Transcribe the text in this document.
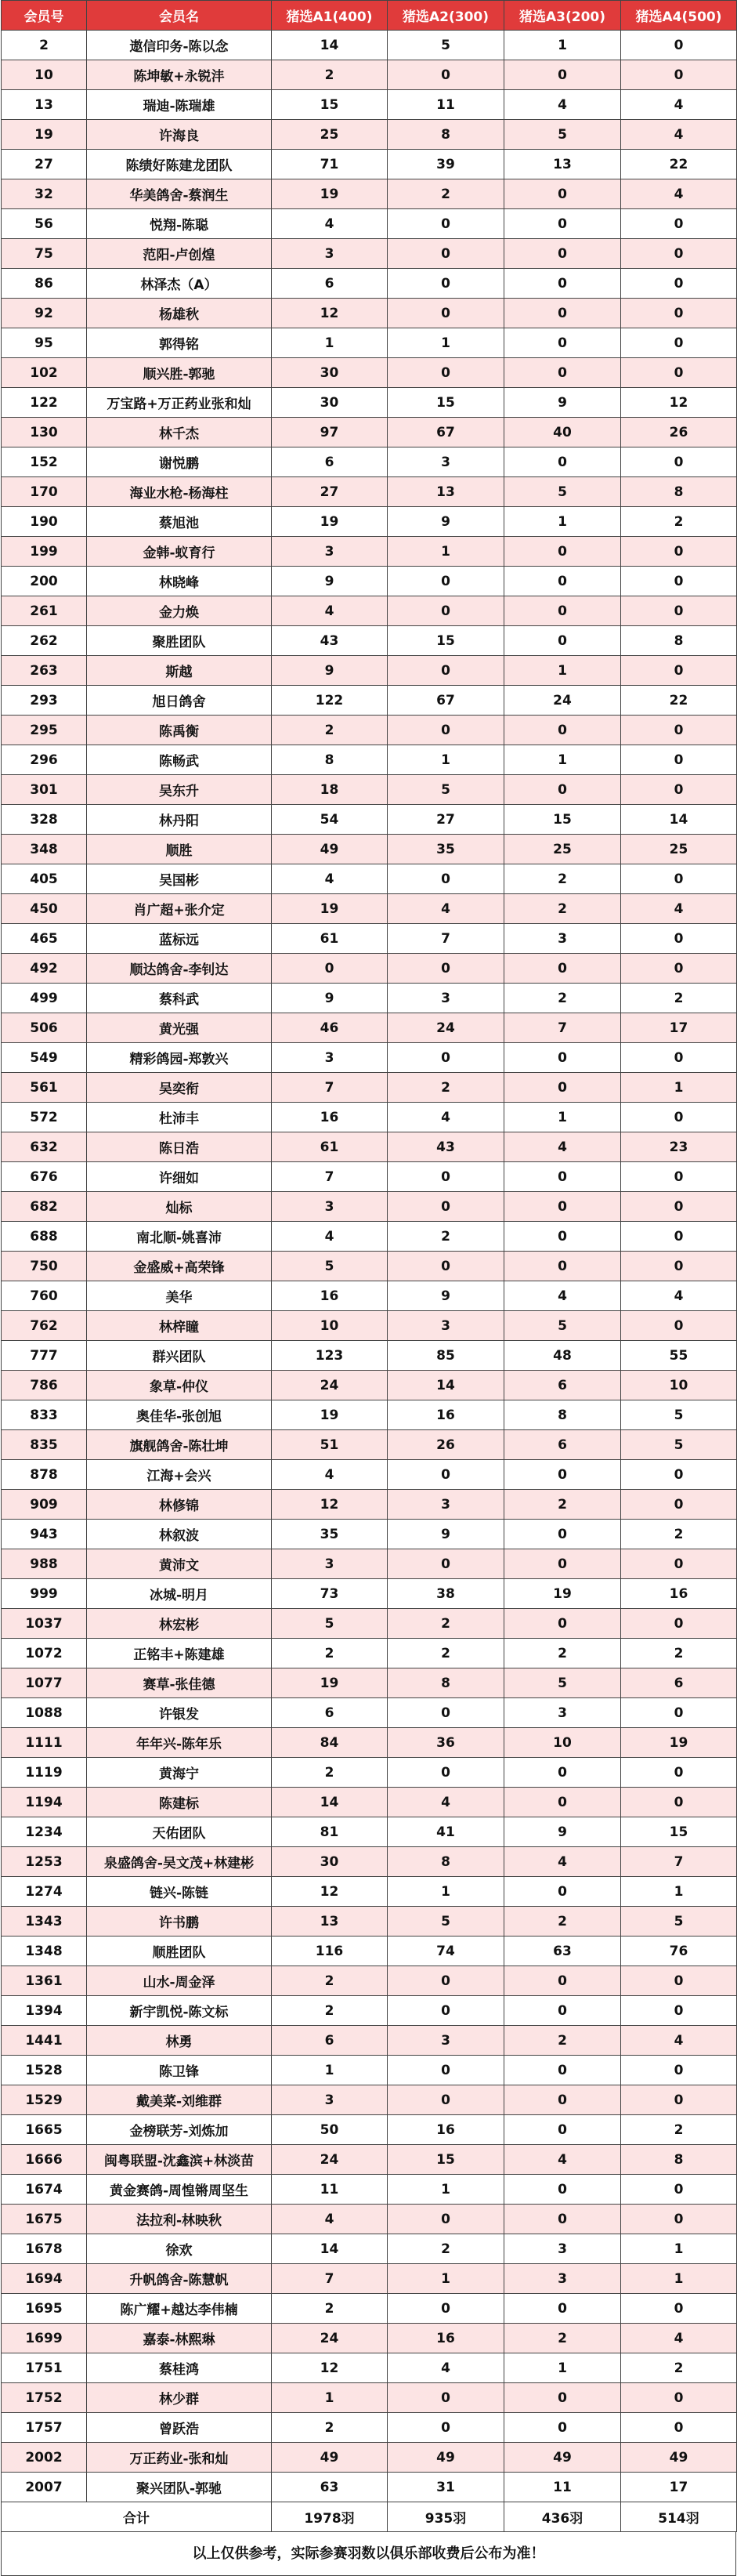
会员号	会员名	猪选A1(400)	猪选A2(300)	猪选A3(200)	猪选A4(500)
2	遨信印务-陈以念	14	5	1	0
10	陈坤敏+永锐沣	2	0	0	0
13	瑞迪-陈瑞雄	15	11	4	4
19	许海良	25	8	5	4
27	陈绩好陈建龙团队	71	39	13	22
32	华美鸽舍-蔡润生	19	2	0	4
56	悦翔-陈聪	4	0	0	0
75	范阳-卢创煌	3	0	0	0
86	林泽杰（A）	6	0	0	0
92	杨雄秋	12	0	0	0
95	郭得铭	1	1	0	0
102	顺兴胜-郭驰	30	0	0	0
122	万宝路+万正药业张和灿	30	15	9	12
130	林千杰	97	67	40	26
152	谢悦鹏	6	3	0	0
170	海业水枪-杨海柱	27	13	5	8
190	蔡旭池	19	9	1	2
199	金韩-蚁育行	3	1	0	0
200	林晓峰	9	0	0	0
261	金力焕	4	0	0	0
262	聚胜团队	43	15	0	8
263	斯越	9	0	1	0
293	旭日鸽舍	122	67	24	22
295	陈禹衡	2	0	0	0
296	陈畅武	8	1	1	0
301	吴东升	18	5	0	0
328	林丹阳	54	27	15	14
348	顺胜	49	35	25	25
405	吴国彬	4	0	2	0
450	肖广超+张介定	19	4	2	4
465	蓝标远	61	7	3	0
492	顺达鸽舍-李钊达	0	0	0	0
499	蔡科武	9	3	2	2
506	黄光强	46	24	7	17
549	精彩鸽园-郑敦兴	3	0	0	0
561	吴奕衔	7	2	0	1
572	杜沛丰	16	4	1	0
632	陈日浩	61	43	4	23
676	许细如	7	0	0	0
682	灿标	3	0	0	0
688	南北顺-姚喜沛	4	2	0	0
750	金盛威+高荣锋	5	0	0	0
760	美华	16	9	4	4
762	林梓瞳	10	3	5	0
777	群兴团队	123	85	48	55
786	象草-仲仪	24	14	6	10
833	奥佳华-张创旭	19	16	8	5
835	旗舰鸽舍-陈壮坤	51	26	6	5
878	江海+会兴	4	0	0	0
909	林修锦	12	3	2	0
943	林叙波	35	9	0	2
988	黄沛文	3	0	0	0
999	冰城-明月	73	38	19	16
1037	林宏彬	5	2	0	0
1072	正铭丰+陈建雄	2	2	2	2
1077	赛草-张佳德	19	8	5	6
1088	许银发	6	0	3	0
1111	年年兴-陈年乐	84	36	10	19
1119	黄海宁	2	0	0	0
1194	陈建标	14	4	0	0
1234	天佑团队	81	41	9	15
1253	泉盛鸽舍-吴文茂+林建彬	30	8	4	7
1274	链兴-陈链	12	1	0	1
1343	许书鹏	13	5	2	5
1348	顺胜团队	116	74	63	76
1361	山水-周金泽	2	0	0	0
1394	新宇凯悦-陈文标	2	0	0	0
1441	林勇	6	3	2	4
1528	陈卫锋	1	0	0	0
1529	戴美菜-刘维群	3	0	0	0
1665	金榜联芳-刘炼加	50	16	0	2
1666	闽粤联盟-沈鑫滨+林淡苗	24	15	4	8
1674	黄金赛鸽-周惶锵周坚生	11	1	0	0
1675	法拉利-林映秋	4	0	0	0
1678	徐欢	14	2	3	1
1694	升帆鸽舍-陈慧帆	7	1	3	1
1695	陈广耀+越达李伟楠	2	0	0	0
1699	嘉泰-林熙琳	24	16	2	4
1751	蔡桂鸿	12	4	1	2
1752	林少群	1	0	0	0
1757	曾跃浩	2	0	0	0
2002	万正药业-张和灿	49	49	49	49
2007	聚兴团队-郭驰	63	31	11	17
合计		1978羽	935羽	436羽	514羽
以上仅供参考，实际参赛羽数以俱乐部收费后公布为准！
